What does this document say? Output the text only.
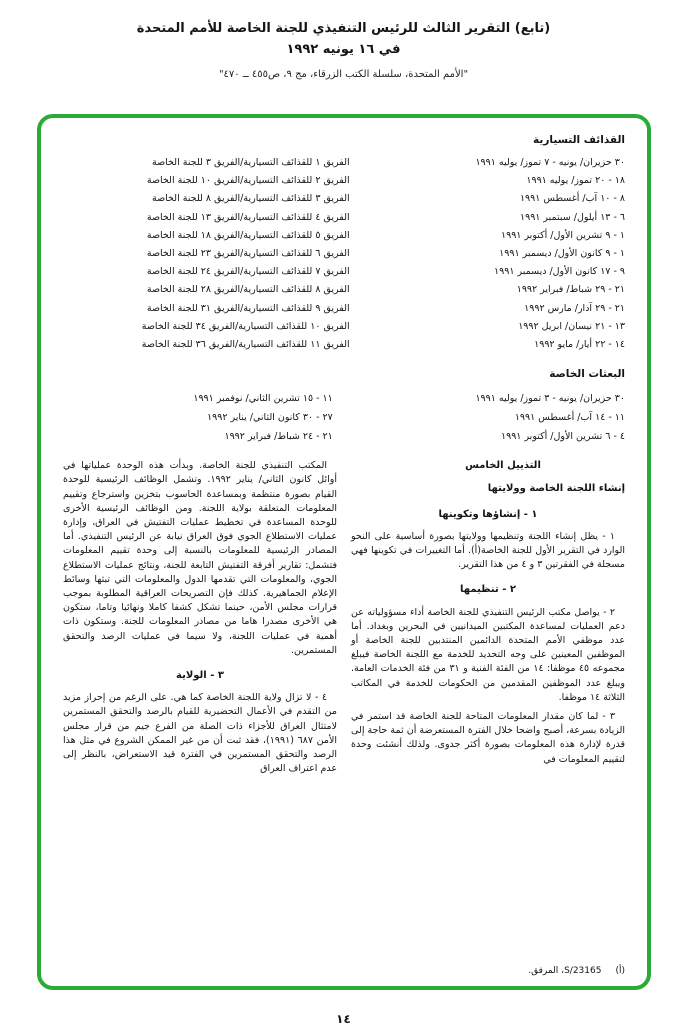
(تابع) التقرير الثالث للرئيس التنفيذي للجنة الخاصة للأمم المتحدة
في ١٦ يونيه ١٩٩٢
"الأمم المتحدة، سلسلة الكتب الزرقاء، مج ٩، ص٤٥٥ ــ ٤٧٠"
القذائف التسيارية
٣٠ حزيران/ يونيه - ٧ تموز/ يوليه ١٩٩١
الفريق ١ للقذائف التسيارية/الفريق ٣ للجنة الخاصة
١٨ - ٢٠ تموز/ يوليه ١٩٩١
الفريق ٢ للقذائف التسيارية/الفريق ١٠ للجنة الخاصة
٨ - ١٠ آب/ أغسطس ١٩٩١
الفريق ٣ للقذائف التسيارية/الفريق ٨ للجنة الخاصة
٦ - ١٣ أيلول/ سبتمبر ١٩٩١
الفريق ٤ للقذائف التسيارية/الفريق ١٣ للجنة الخاصة
١ - ٩ تشرين الأول/ أكتوبر ١٩٩١
الفريق ٥ للقذائف التسيارية/الفريق ١٨ للجنة الخاصة
١ - ٩ كانون الأول/ ديسمبر ١٩٩١
الفريق ٦ للقذائف التسيارية/الفريق ٢٣ للجنة الخاصة
٩ - ١٧ كانون الأول/ ديسمبر ١٩٩١
الفريق ٧ للقذائف التسيارية/الفريق ٢٤ للجنة الخاصة
٢١ - ٢٩ شباط/ فبراير ١٩٩٢
الفريق ٨ للقذائف التسيارية/الفريق ٢٨ للجنة الخاصة
٢١ - ٢٩ آذار/ مارس ١٩٩٢
الفريق ٩ للقذائف التسيارية/الفريق ٣١ للجنة الخاصة
١٣ - ٢١ نيسان/ ابريل ١٩٩٢
الفريق ١٠ للقذائف التسيارية/الفريق ٣٤ للجنة الخاصة
١٤ - ٢٢ أيار/ مايو ١٩٩٢
الفريق ١١ للقذائف التسيارية/الفريق ٣٦ للجنة الخاصة
البعثات الخاصة
٣٠ حزيران/ يونيه - ٣ تموز/ يوليه ١٩٩١
١١ - ١٤ آب/ أغسطس ١٩٩١
٤ - ٦ تشرين الأول/ أكتوبر ١٩٩١
١١ - ١٥ تشرين الثاني/ نوفمبر ١٩٩١
٢٧ - ٣٠ كانون الثاني/ يناير ١٩٩٢
٢١ - ٢٤ شباط/ فبراير ١٩٩٢
التذييل الخامس
إنشاء اللجنة الخاصة وولايتها
١ - إنشاؤها وتكوينها

١ - يظل إنشاء اللجنة وتنظيمها وولايتها بصورة أساسية على النحو الوارد في التقرير الأول للجنة الخاصة(أ). أما التغييرات في تكوينها فهي مسجلة في الفقرتين ٣ و ٤ من هذا التقرير.

٢ - تنظيمها

٢ - يواصل مكتب الرئيس التنفيذي للجنة الخاصة أداء مسؤولياته عن دعم العمليات لمساعدة المكتبين الميدانيين في البحرين وبغداد. أما عدد موظفي الأمم المتحدة الدائمين المنتدبين للجنة الخاصة أو الموظفين المعينين على وجه التحديد للخدمة مع اللجنة الخاصة فيبلغ مجموعه ٤٥ موظفا: ١٤ من الفئة الفنية و ٣١ من فئة الخدمات العامة. ويبلغ عدد الموظفين المقدمين من الحكومات للخدمة في المكاتب الثلاثة ١٤ موظفا.

٣ - لما كان مقدار المعلومات المتاحة للجنة الخاصة قد استمر في الزيادة بسرعة، أصبح واضحا خلال الفترة المستعرضة أن ثمة حاجة إلى قدرة لإدارة هذه المعلومات بصورة أكثر جدوى. ولذلك أنشئت وحدة لتقييم المعلومات في

المكتب التنفيذي للجنة الخاصة. وبدأت هذه الوحدة عملياتها في أوائل كانون الثاني/ يناير ١٩٩٢. وتشمل الوظائف الرئيسية للوحدة القيام بصورة منتظمة وبمساعدة الحاسوب بتخزين واسترجاع وتقييم المعلومات المتعلقة بولاية اللجنة. ومن الوظائف الرئيسية الأخرى للوحدة المساعدة في تخطيط عمليات التفتيش في العراق، وإدارة عمليات الاستطلاع الجوي فوق العراق نيابة عن الرئيس التنفيذي. أما المصادر الرئيسية للمعلومات بالنسبة إلى وحدة تقييم المعلومات فتشمل: تقارير أفرقة التفتيش التابعة للجنة، ونتائج عمليات الاستطلاع الجوي، والمعلومات التي تقدمها الدول والمعلومات التي تبثها وسائط الإعلام الجماهيرية. كذلك فإن التصريحات العراقية المطلوبة بموجب قرارات مجلس الأمن، حينما تشكل كشفا كاملا ونهائيا وتاما، ستكون هي الأخرى مصدرا هاما من مصادر المعلومات للجنة. وستكون ذات أهمية في عمليات اللجنة، ولا سيما في عمليات الرصد والتحقق المستمرين.

٣ - الولاية

٤ - لا تزال ولاية اللجنة الخاصة كما هي. على الرغم من إحراز مزيد من التقدم في الأعمال التحضيرية للقيام بالرصد والتحقق المستمرين لامتثال العراق للأجزاء ذات الصلة من الفرع جيم من قرار مجلس الأمن ٦٨٧ (١٩٩١)، فقد ثبت أن من غير الممكن الشروع في مثل هذا الرصد والتحقق المستمرين في الفترة قيد الاستعراض، بالنظر إلى عدم اعتراف العراق

(أ)
S/23165، المرفق.
١٤
